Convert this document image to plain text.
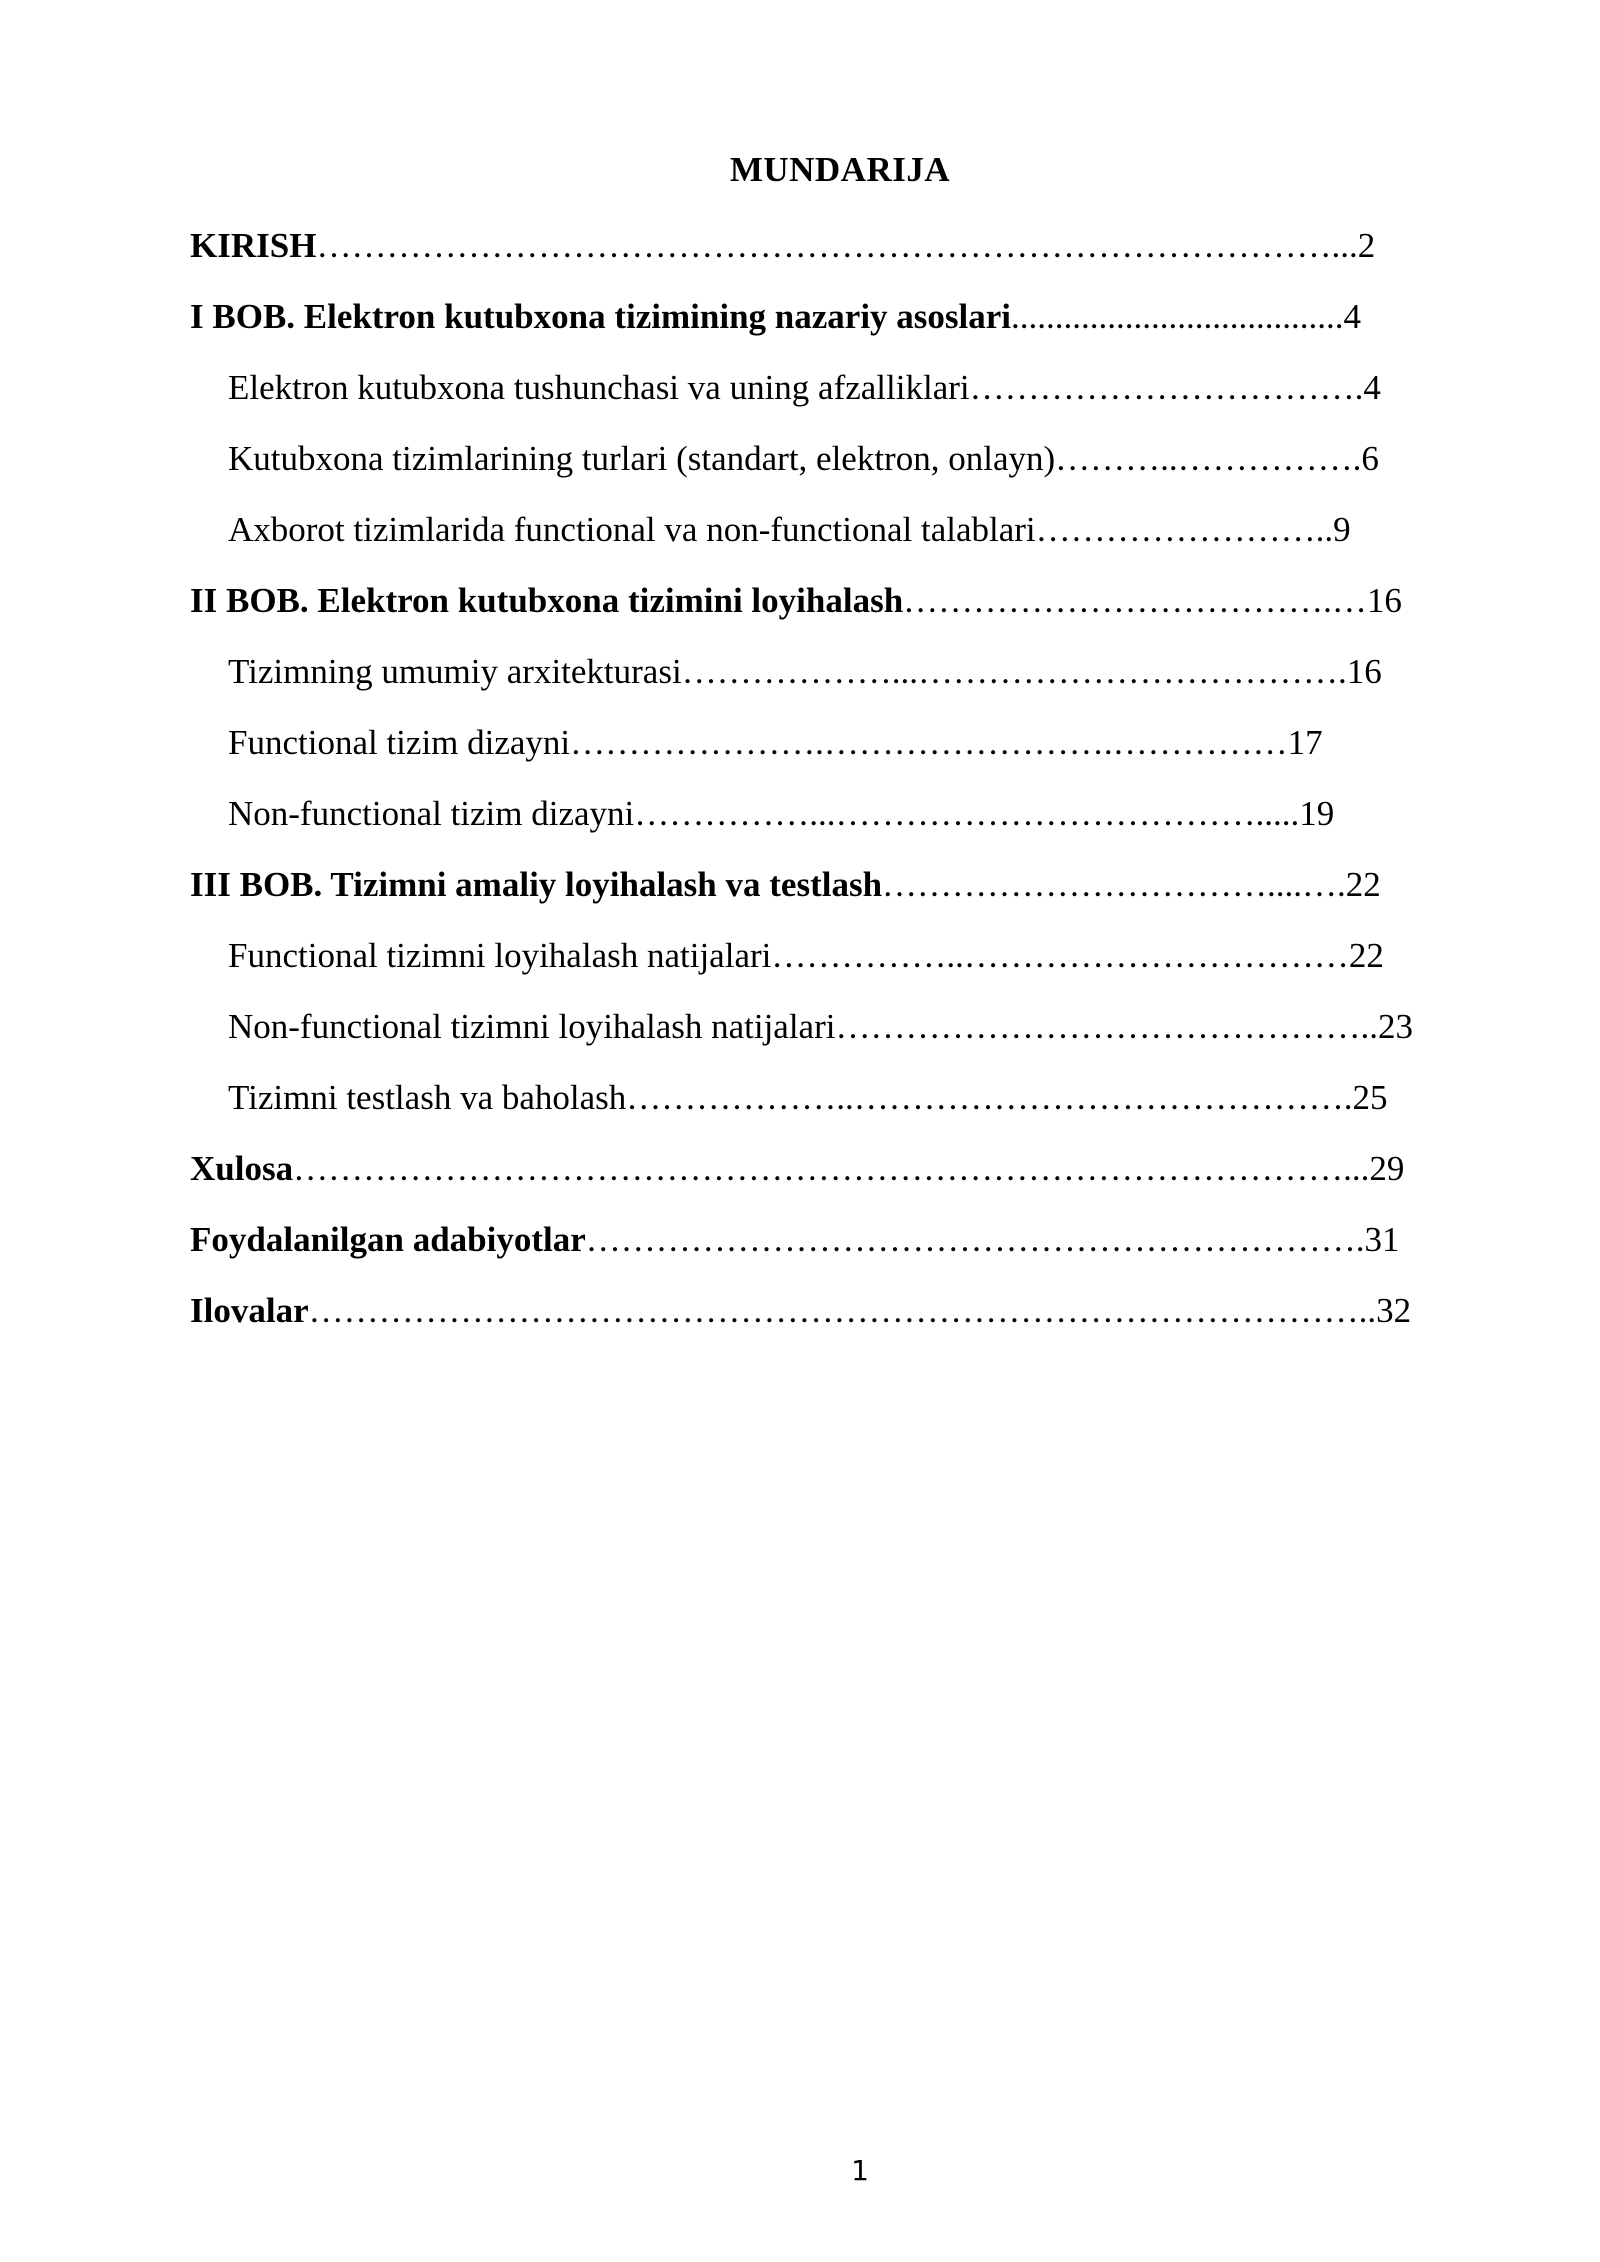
MUNDARIJA
KIRISH……………………………………………………………………………...2
I BOB. Elektron kutubxona tizimining nazariy asoslari......................................4
Elektron kutubxona tushunchasi va uning afzalliklari…………………………….4
Kutubxona tizimlarining turlari (standart, elektron, onlayn)………..…………….6
Axborot tizimlarida functional va non-functional talablari……………………..9
II BOB. Elektron kutubxona tizimini loyihalash……………………………….…16
Tizimning umumiy arxitekturasi………………...……………………………….16
Functional tizim dizayni………………….…………………….……………17
Non-functional tizim dizayni……………...……………………………….....19
III BOB. Tizimni amaliy loyihalash va testlash……………………………....….22
Functional tizimni loyihalash natijalari……………..……………………………22
Non-functional tizimni loyihalash natijalari………………………………………..23
Tizimni testlash va baholash………………..…………………………………….25
Xulosa………………………………………………………………………………...29
Foydalanilgan adabiyotlar………………………………………………………….31
Ilovalar………………………………………………………………………………..32
1
